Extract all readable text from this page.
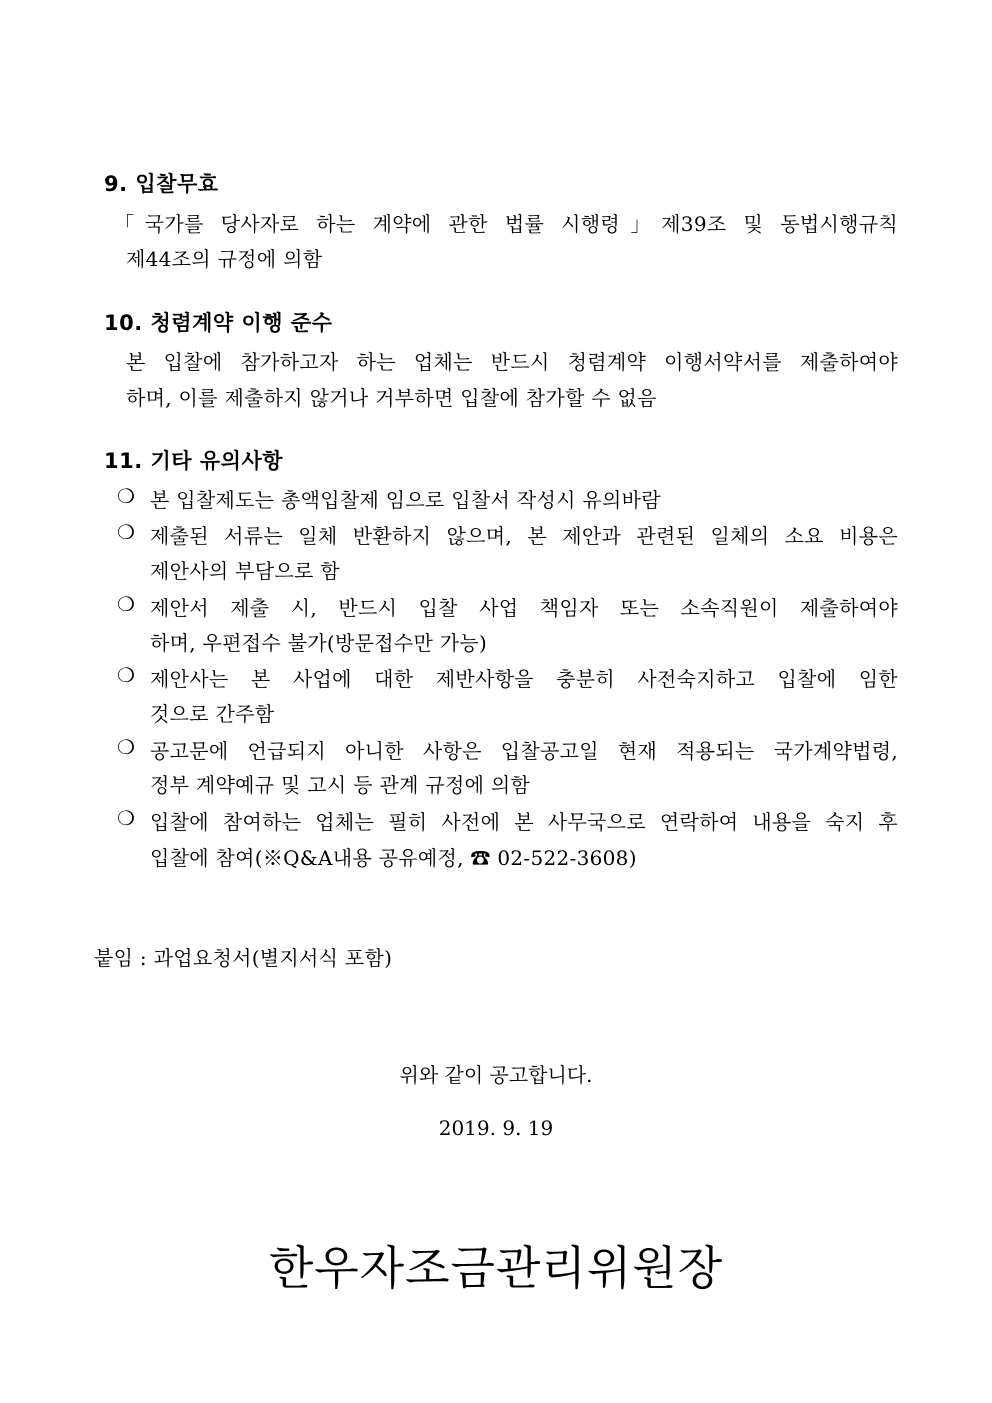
9. 입찰무효
「국가를 당사자로 하는 계약에 관한 법률 시행령」제39조 및 동법시행규칙
제44조의 규정에 의함
10. 청렴계약 이행 준수
본 입찰에 참가하고자 하는 업체는 반드시 청렴계약 이행서약서를 제출하여야
하며, 이를 제출하지 않거나 거부하면 입찰에 참가할 수 없음
11. 기타 유의사항
❍ 본 입찰제도는 총액입찰제 임으로 입찰서 작성시 유의바람
❍ 제출된 서류는 일체 반환하지 않으며, 본 제안과 관련된 일체의 소요 비용은
제안사의 부담으로 함
❍ 제안서 제출 시, 반드시 입찰 사업 책임자 또는 소속직원이 제출하여야
하며, 우편접수 불가(방문접수만 가능)
❍ 제안사는 본 사업에 대한 제반사항을 충분히 사전숙지하고 입찰에 임한
것으로 간주함
❍ 공고문에 언급되지 아니한 사항은 입찰공고일 현재 적용되는 국가계약법령,
정부 계약예규 및 고시 등 관계 규정에 의함
❍ 입찰에 참여하는 업체는 필히 사전에 본 사무국으로 연락하여 내용을 숙지 후
입찰에 참여(※Q&A내용 공유예정, ☎ 02-522-3608)
붙임 : 과업요청서(별지서식 포함)
위와 같이 공고합니다.
2019. 9. 19
한우자조금관리위원장
